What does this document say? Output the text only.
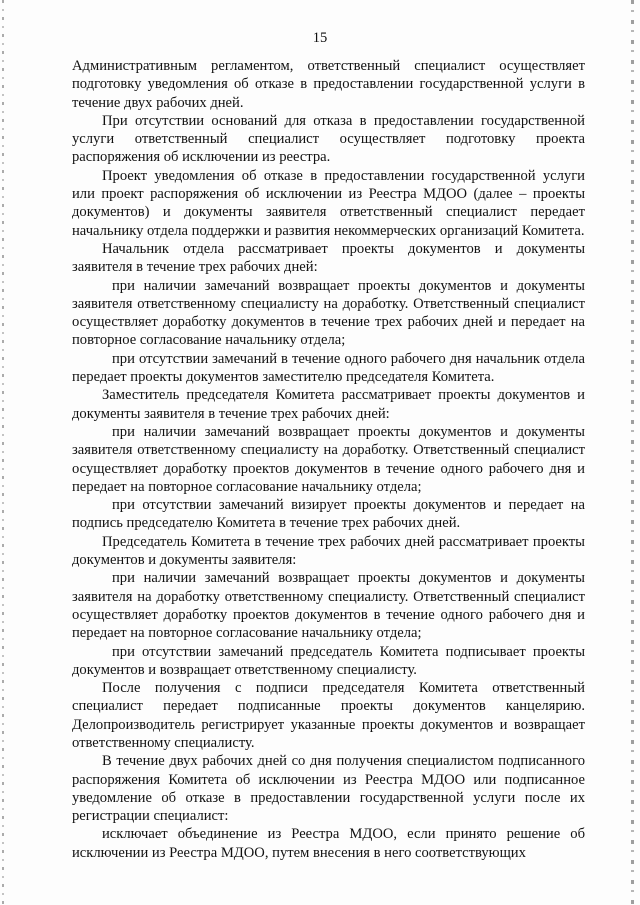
15

Административным регламентом, ответственный специалист осуществляет подготовку уведомления об отказе в предоставлении государственной услуги в течение двух рабочих дней.

При отсутствии оснований для отказа в предоставлении государственной услуги ответственный специалист осуществляет подготовку проекта распоряжения об исключении из реестра.

Проект уведомления об отказе в предоставлении государственной услуги или проект распоряжения об исключении из Реестра МДОО (далее – проекты документов) и документы заявителя ответственный специалист передает начальнику отдела поддержки и развития некоммерческих организаций Комитета.

Начальник отдела рассматривает проекты документов и документы заявителя в течение трех рабочих дней:

при наличии замечаний возвращает проекты документов и документы заявителя ответственному специалисту на доработку. Ответственный специалист осуществляет доработку документов в течение трех рабочих дней и передает на повторное согласование начальнику отдела;

при отсутствии замечаний в течение одного рабочего дня начальник отдела передает проекты документов заместителю председателя Комитета.

Заместитель председателя Комитета рассматривает проекты документов и документы заявителя в течение трех рабочих дней:

при наличии замечаний возвращает проекты документов и документы заявителя ответственному специалисту на доработку. Ответственный специалист осуществляет доработку проектов документов в течение одного рабочего дня и передает на повторное согласование начальнику отдела;

при отсутствии замечаний визирует проекты документов и передает на подпись председателю Комитета в течение трех рабочих дней.

Председатель Комитета в течение трех рабочих дней рассматривает проекты документов и документы заявителя:

при наличии замечаний возвращает проекты документов и документы заявителя на доработку ответственному специалисту. Ответственный специалист осуществляет доработку проектов документов в течение одного рабочего дня и передает на повторное согласование начальнику отдела;

при отсутствии замечаний председатель Комитета подписывает проекты документов и возвращает ответственному специалисту.

После получения с подписи председателя Комитета ответственный специалист передает подписанные проекты документов канцелярию. Делопроизводитель регистрирует указанные проекты документов и возвращает ответственному специалисту.

В течение двух рабочих дней со дня получения специалистом подписанного распоряжения Комитета об исключении из Реестра МДОО или подписанное уведомление об отказе в предоставлении государственной услуги после их регистрации специалист:

исключает объединение из Реестра МДОО, если принято решение об исключении из Реестра МДОО, путем внесения в него соответствующих
